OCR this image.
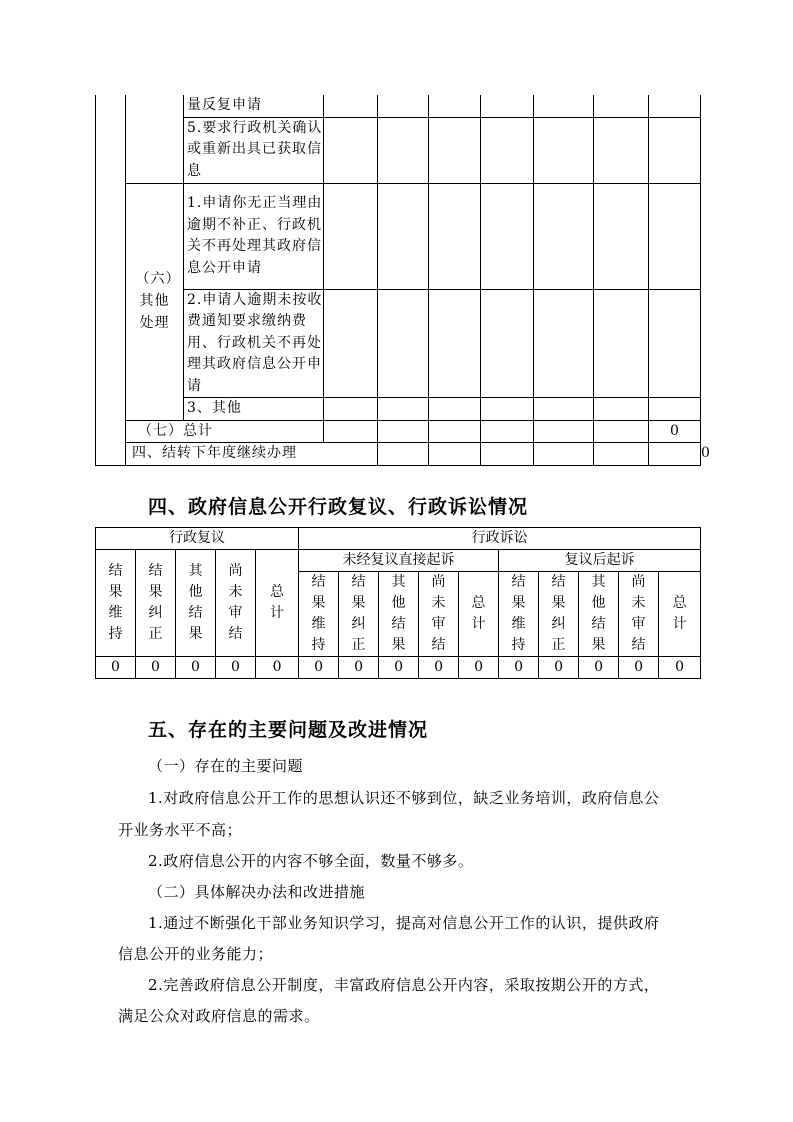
		量反复申请								
		5.要求行政机关确认或重新出具已获取信息								

	（六）其他处理	1.申请你无正当理由逾期不补正、行政机关不再处理其政府信息公开申请								
		2.申请人逾期未按收费通知要求缴纳费用、行政机关不再处理其政府信息公开申请								
		3、其他								
	（七）总计								0	
	四、结转下年度继续办理									0
四、政府信息公开行政复议、行政诉讼情况
行政复议					行政诉讼									

结果维持	结果纠正	其他结果	尚未审结	总计	未经复议直接起诉					复议后起诉				

					结果维持	结果纠正	其他结果	尚未审结	总计	结果维持	结果纠正	其他结果	尚未审结	总计

0	0	0	0	0	0	0	0	0	0	0	0	0	0	0
五、存在的主要问题及改进情况

（一）存在的主要问题

1.对政府信息公开工作的思想认识还不够到位，缺乏业务培训，政府信息公

开业务水平不高；

2.政府信息公开的内容不够全面，数量不够多。

（二）具体解决办法和改进措施

1.通过不断强化干部业务知识学习，提高对信息公开工作的认识，提供政府

信息公开的业务能力；

2.完善政府信息公开制度，丰富政府信息公开内容，采取按期公开的方式，

满足公众对政府信息的需求。
